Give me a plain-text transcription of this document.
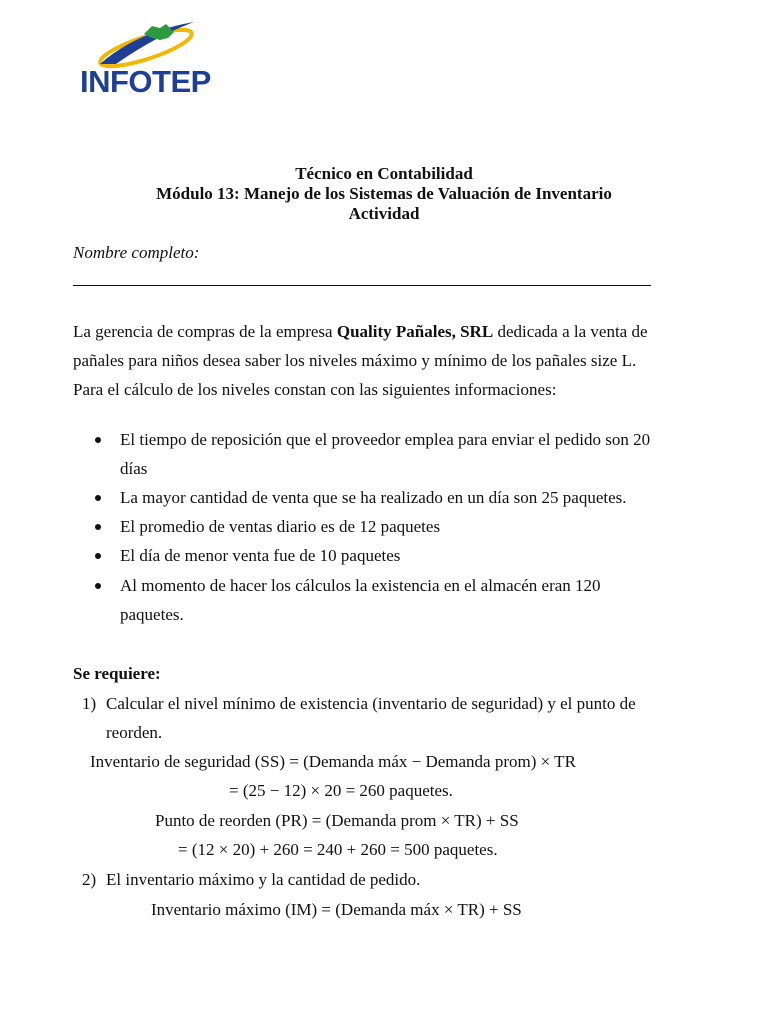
INFOTEP
Técnico en Contabilidad
Módulo 13: Manejo de los Sistemas de Valuación de Inventario
Actividad
Nombre completo:
La gerencia de compras de la empresa Quality Pañales, SRL dedicada a la venta de
pañales para niños desea saber los niveles máximo y mínimo de los pañales size L.
Para el cálculo de los niveles constan con las siguientes informaciones:
El tiempo de reposición que el proveedor emplea para enviar el pedido son 20
días
La mayor cantidad de venta que se ha realizado en un día son 25 paquetes.
El promedio de ventas diario es de 12 paquetes
El día de menor venta fue de 10 paquetes
Al momento de hacer los cálculos la existencia en el almacén eran 120
paquetes.
Se requiere:
1) Calcular el nivel mínimo de existencia (inventario de seguridad) y el punto de
reorden.
Inventario de seguridad (SS) = (Demanda máx − Demanda prom) × TR
= (25 − 12) × 20 = 260 paquetes.
Punto de reorden (PR) = (Demanda prom × TR) + SS
= (12 × 20) + 260 = 240 + 260 = 500 paquetes.
2) El inventario máximo y la cantidad de pedido.
Inventario máximo (IM) = (Demanda máx × TR) + SS
